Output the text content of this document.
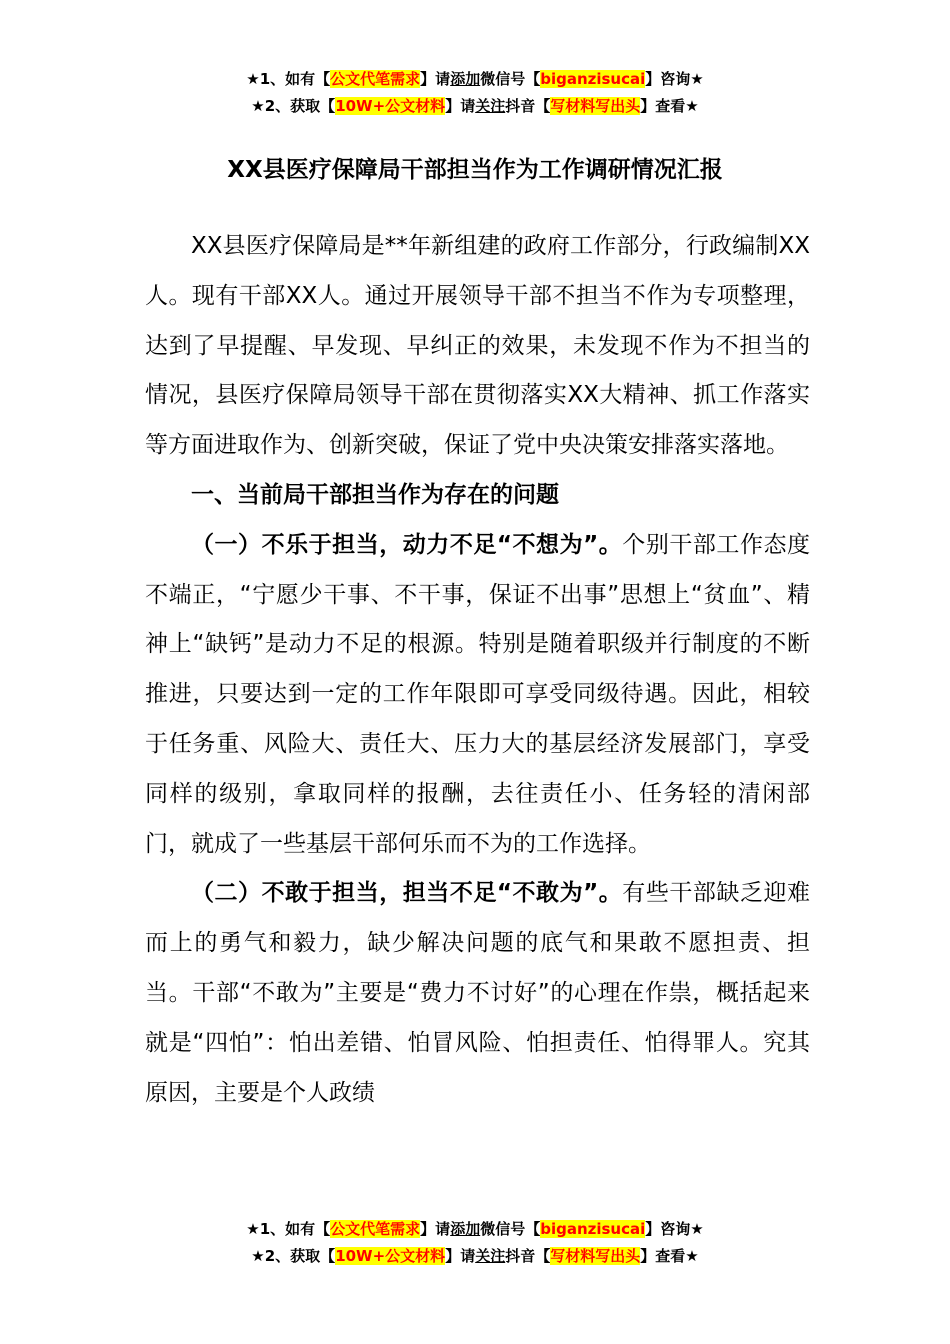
★1、如有【公文代笔需求】请添加微信号【biganzisucai】咨询★
★2、获取【10W+公文材料】请关注抖音【写材料写出头】查看★
XX县医疗保障局干部担当作为工作调研情况汇报

XX县医疗保障局是**年新组建的政府工作部分，行政编制XX人。现有干部XX人。通过开展领导干部不担当不作为专项整理，达到了早提醒、早发现、早纠正的效果，未发现不作为不担当的情况，县医疗保障局领导干部在贯彻落实XX大精神、抓工作落实等方面进取作为、创新突破，保证了党中央决策安排落实落地。

一、当前局干部担当作为存在的问题

（一）不乐于担当，动力不足“不想为”。个别干部工作态度不端正，“宁愿少干事、不干事，保证不出事”思想上“贫血”、精神上“缺钙”是动力不足的根源。特别是随着职级并行制度的不断推进，只要达到一定的工作年限即可享受同级待遇。因此，相较于任务重、风险大、责任大、压力大的基层经济发展部门，享受同样的级别，拿取同样的报酬，去往责任小、任务轻的清闲部门，就成了一些基层干部何乐而不为的工作选择。

（二）不敢于担当，担当不足“不敢为”。有些干部缺乏迎难而上的勇气和毅力，缺少解决问题的底气和果敢不愿担责、担当。干部“不敢为”主要是“费力不讨好”的心理在作祟，概括起来就是“四怕”：怕出差错、怕冒风险、怕担责任、怕得罪人。究其原因，主要是个人政绩

★1、如有【公文代笔需求】请添加微信号【biganzisucai】咨询★
★2、获取【10W+公文材料】请关注抖音【写材料写出头】查看★
